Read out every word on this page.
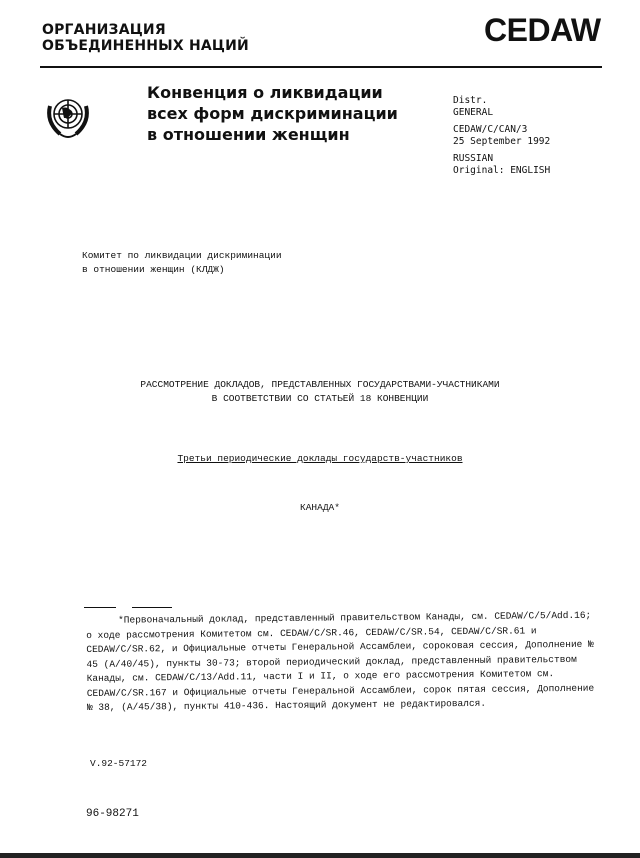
ОРГАНИЗАЦИЯ
ОБЪЕДИНЕННЫХ НАЦИЙ	CEDAW
Конвенция о ликвидации
всех форм дискриминации
в отношении женщин
Distr.
GENERAL
CEDAW/C/CAN/3
25 September 1992
RUSSIAN
Original: ENGLISH
Комитет по ликвидации дискриминации
в отношении женщин (КЛДЖ)
РАССМОТРЕНИЕ ДОКЛАДОВ, ПРЕДСТАВЛЕННЫХ ГОСУДАРСТВАМИ-УЧАСТНИКАМИ
В СООТВЕТСТВИИ СО СТАТЬЕЙ 18 КОНВЕНЦИИ
Третьи периодические доклады государств-участников
КАНАДА*

*Первоначальный доклад, представленный правительством Канады, см. CEDAW/C/5/Add.16; о ходе рассмотрения Комитетом см. CEDAW/C/SR.46, CEDAW/C/SR.54, CEDAW/C/SR.61 и CEDAW/C/SR.62, и Официальные отчеты Генеральной Ассамблеи, сороковая сессия, Дополнение № 45 (A/40/45), пункты 30-73; второй периодический доклад, представленный правительством Канады, см. CEDAW/C/13/Add.11, части I и II, о ходе его рассмотрения Комитетом см. CEDAW/C/SR.167 и Официальные отчеты Генеральной Ассамблеи, сорок пятая сессия, Дополнение № 38, (A/45/38), пункты 410-436. Настоящий документ не редактировался.
V.92-57172
96-98271
